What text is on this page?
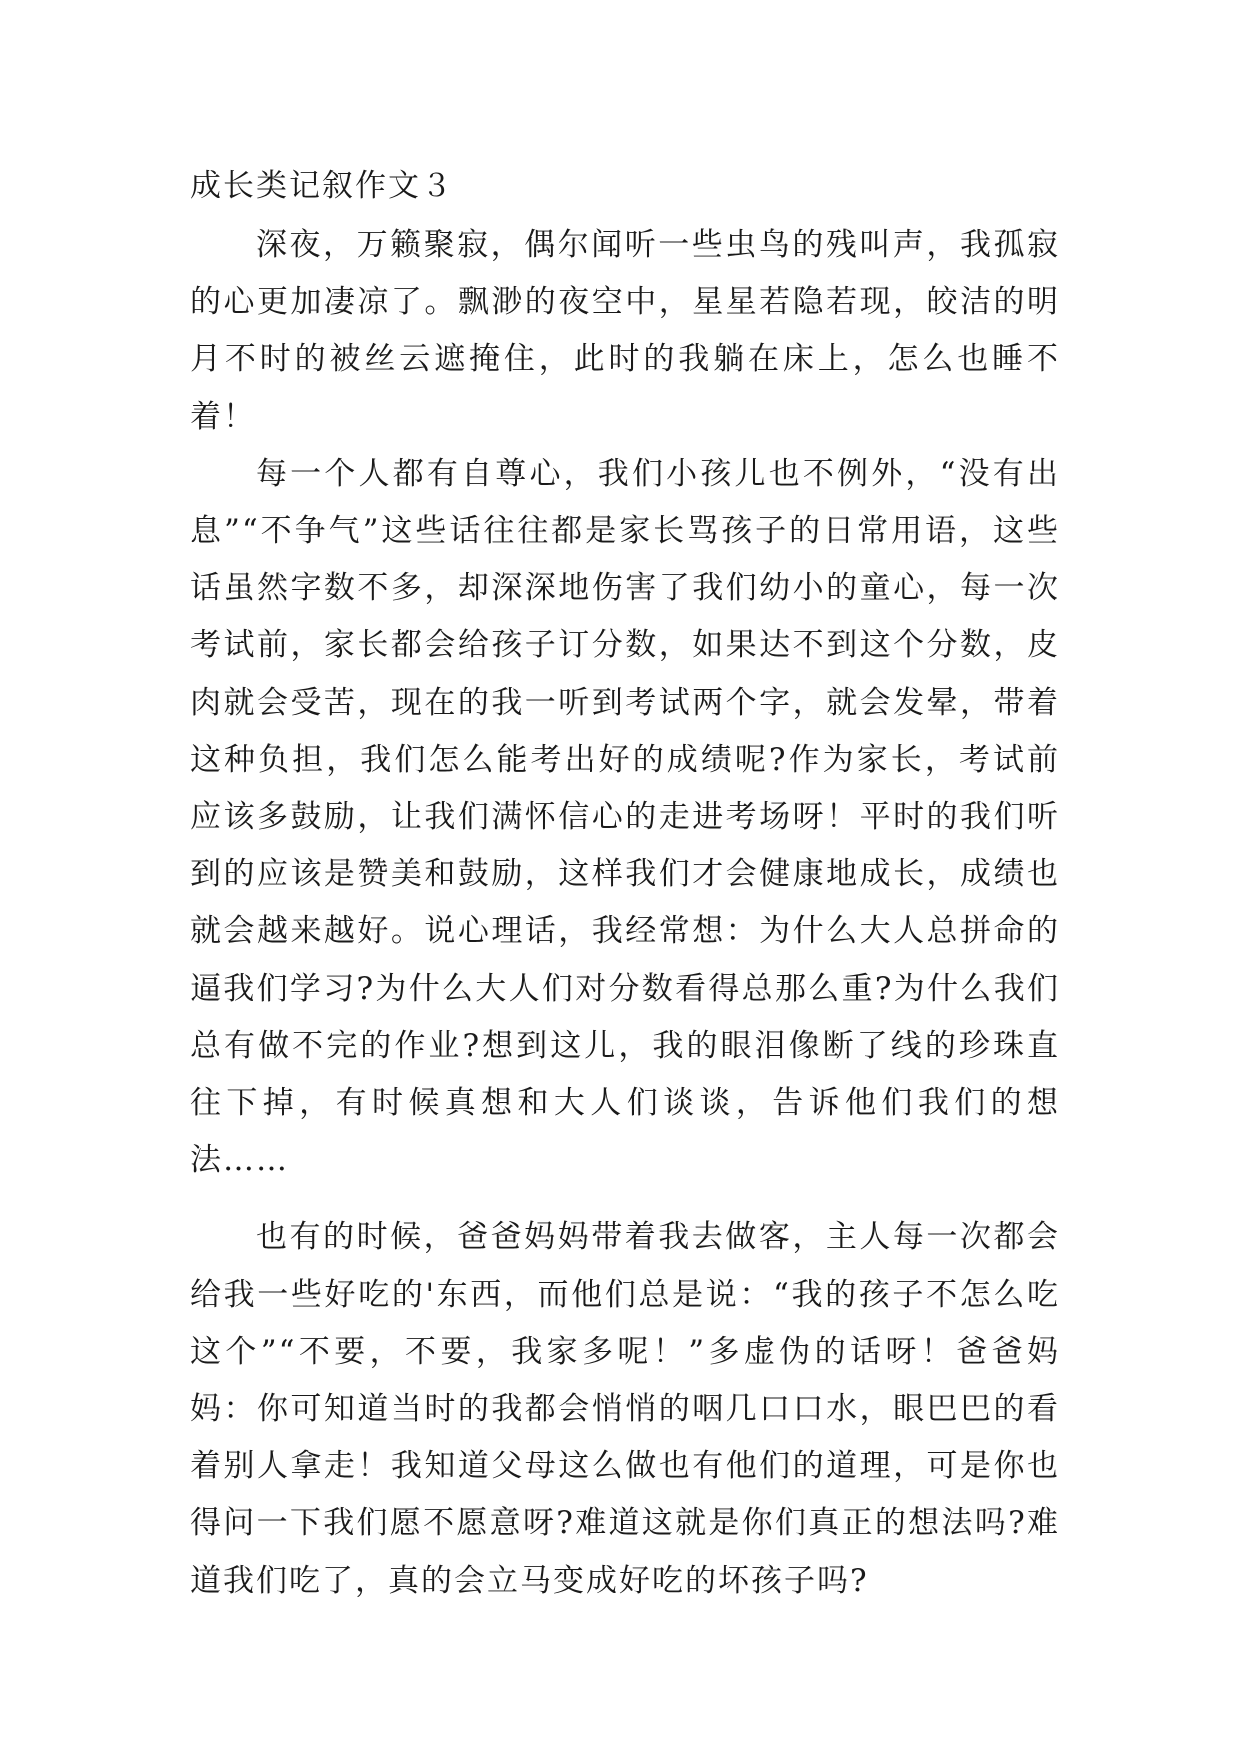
成长类记叙作文３

深夜，万籁聚寂，偶尔闻听一些虫鸟的残叫声，我孤寂的心更加凄凉了。飘渺的夜空中，星星若隐若现，皎洁的明月不时的被丝云遮掩住，此时的我躺在床上，怎么也睡不着！

每一个人都有自尊心，我们小孩儿也不例外，“没有出息”“不争气”这些话往往都是家长骂孩子的日常用语，这些话虽然字数不多，却深深地伤害了我们幼小的童心，每一次考试前，家长都会给孩子订分数，如果达不到这个分数，皮肉就会受苦，现在的我一听到考试两个字，就会发晕，带着这种负担，我们怎么能考出好的成绩呢?作为家长，考试前应该多鼓励，让我们满怀信心的走进考场呀！平时的我们听到的应该是赞美和鼓励，这样我们才会健康地成长，成绩也就会越来越好。说心理话，我经常想：为什么大人总拼命的逼我们学习?为什么大人们对分数看得总那么重?为什么我们总有做不完的作业?想到这儿，我的眼泪像断了线的珍珠直往下掉，有时候真想和大人们谈谈，告诉他们我们的想法……

也有的时候，爸爸妈妈带着我去做客，主人每一次都会给我一些好吃的'东西，而他们总是说：“我的孩子不怎么吃这个”“不要，不要，我家多呢！”多虚伪的话呀！爸爸妈妈：你可知道当时的我都会悄悄的咽几口口水，眼巴巴的看着别人拿走！我知道父母这么做也有他们的道理，可是你也得问一下我们愿不愿意呀?难道这就是你们真正的想法吗?难道我们吃了，真的会立马变成好吃的坏孩子吗?
